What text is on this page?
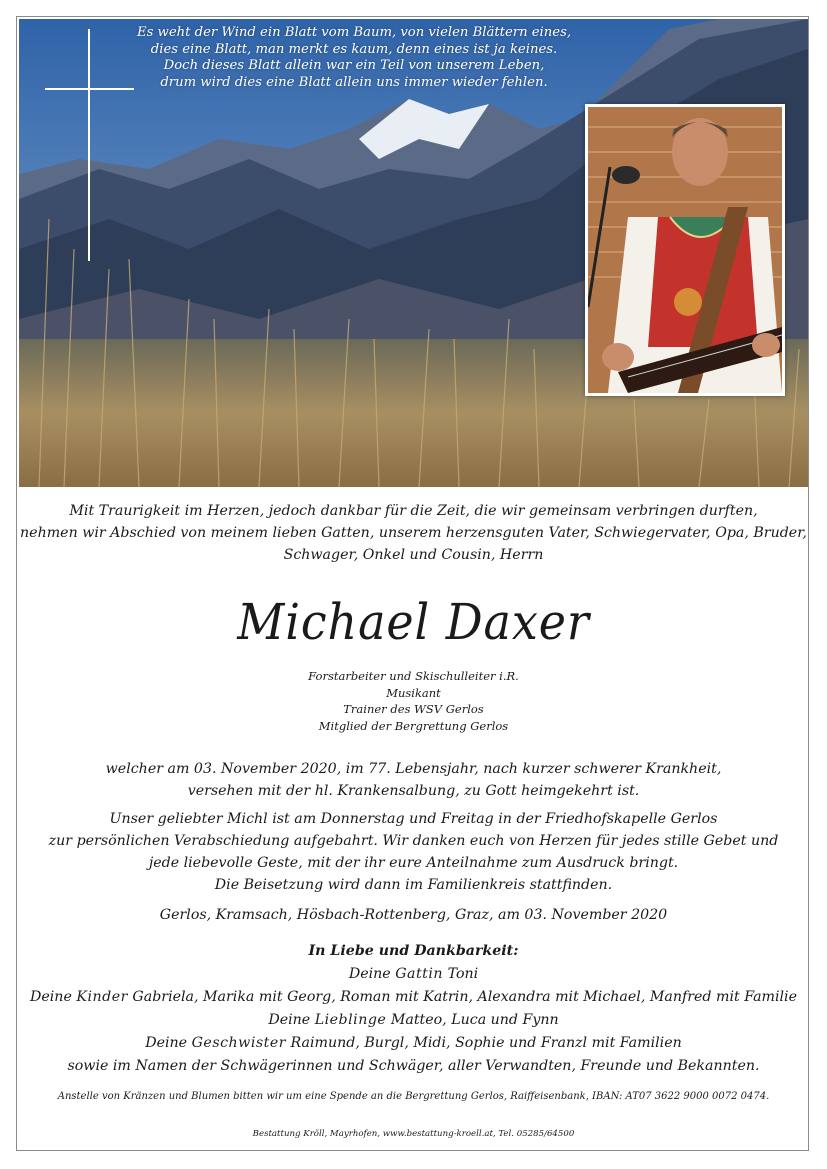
Es weht der Wind ein Blatt vom Baum, von vielen Blättern eines,
dies eine Blatt, man merkt es kaum, denn eines ist ja keines.
Doch dieses Blatt allein war ein Teil von unserem Leben,
drum wird dies eine Blatt allein uns immer wieder fehlen.
Mit Traurigkeit im Herzen, jedoch dankbar für die Zeit, die wir gemeinsam verbringen durften,
nehmen wir Abschied von meinem lieben Gatten, unserem herzensguten Vater, Schwiegervater, Opa, Bruder,
Schwager, Onkel und Cousin, Herrn
Michael Daxer
Forstarbeiter und Skischulleiter i.R.
Musikant
Trainer des WSV Gerlos
Mitglied der Bergrettung Gerlos
welcher am 03. November 2020, im 77. Lebensjahr, nach kurzer schwerer Krankheit,
versehen mit der hl. Krankensalbung, zu Gott heimgekehrt ist.
Unser geliebter Michl ist am Donnerstag und Freitag in der Friedhofskapelle Gerlos
zur persönlichen Verabschiedung aufgebahrt. Wir danken euch von Herzen für jedes stille Gebet und
jede liebevolle Geste, mit der ihr eure Anteilnahme zum Ausdruck bringt.
Die Beisetzung wird dann im Familienkreis stattfinden.
Gerlos, Kramsach, Hösbach-Rottenberg, Graz, am 03. November 2020
In Liebe und Dankbarkeit:
Deine Gattin Toni
Deine Kinder Gabriela, Marika mit Georg, Roman mit Katrin, Alexandra mit Michael, Manfred mit Familie
Deine Lieblinge Matteo, Luca und Fynn
Deine Geschwister Raimund, Burgl, Midi, Sophie und Franzl mit Familien
sowie im Namen der Schwägerinnen und Schwäger, aller Verwandten, Freunde und Bekannten.
Anstelle von Kränzen und Blumen bitten wir um eine Spende an die Bergrettung Gerlos, Raiffeisenbank, IBAN: AT07 3622 9000 0072 0474.
Bestattung Kröll, Mayrhofen, www.bestattung-kroell.at, Tel. 05285/64500
